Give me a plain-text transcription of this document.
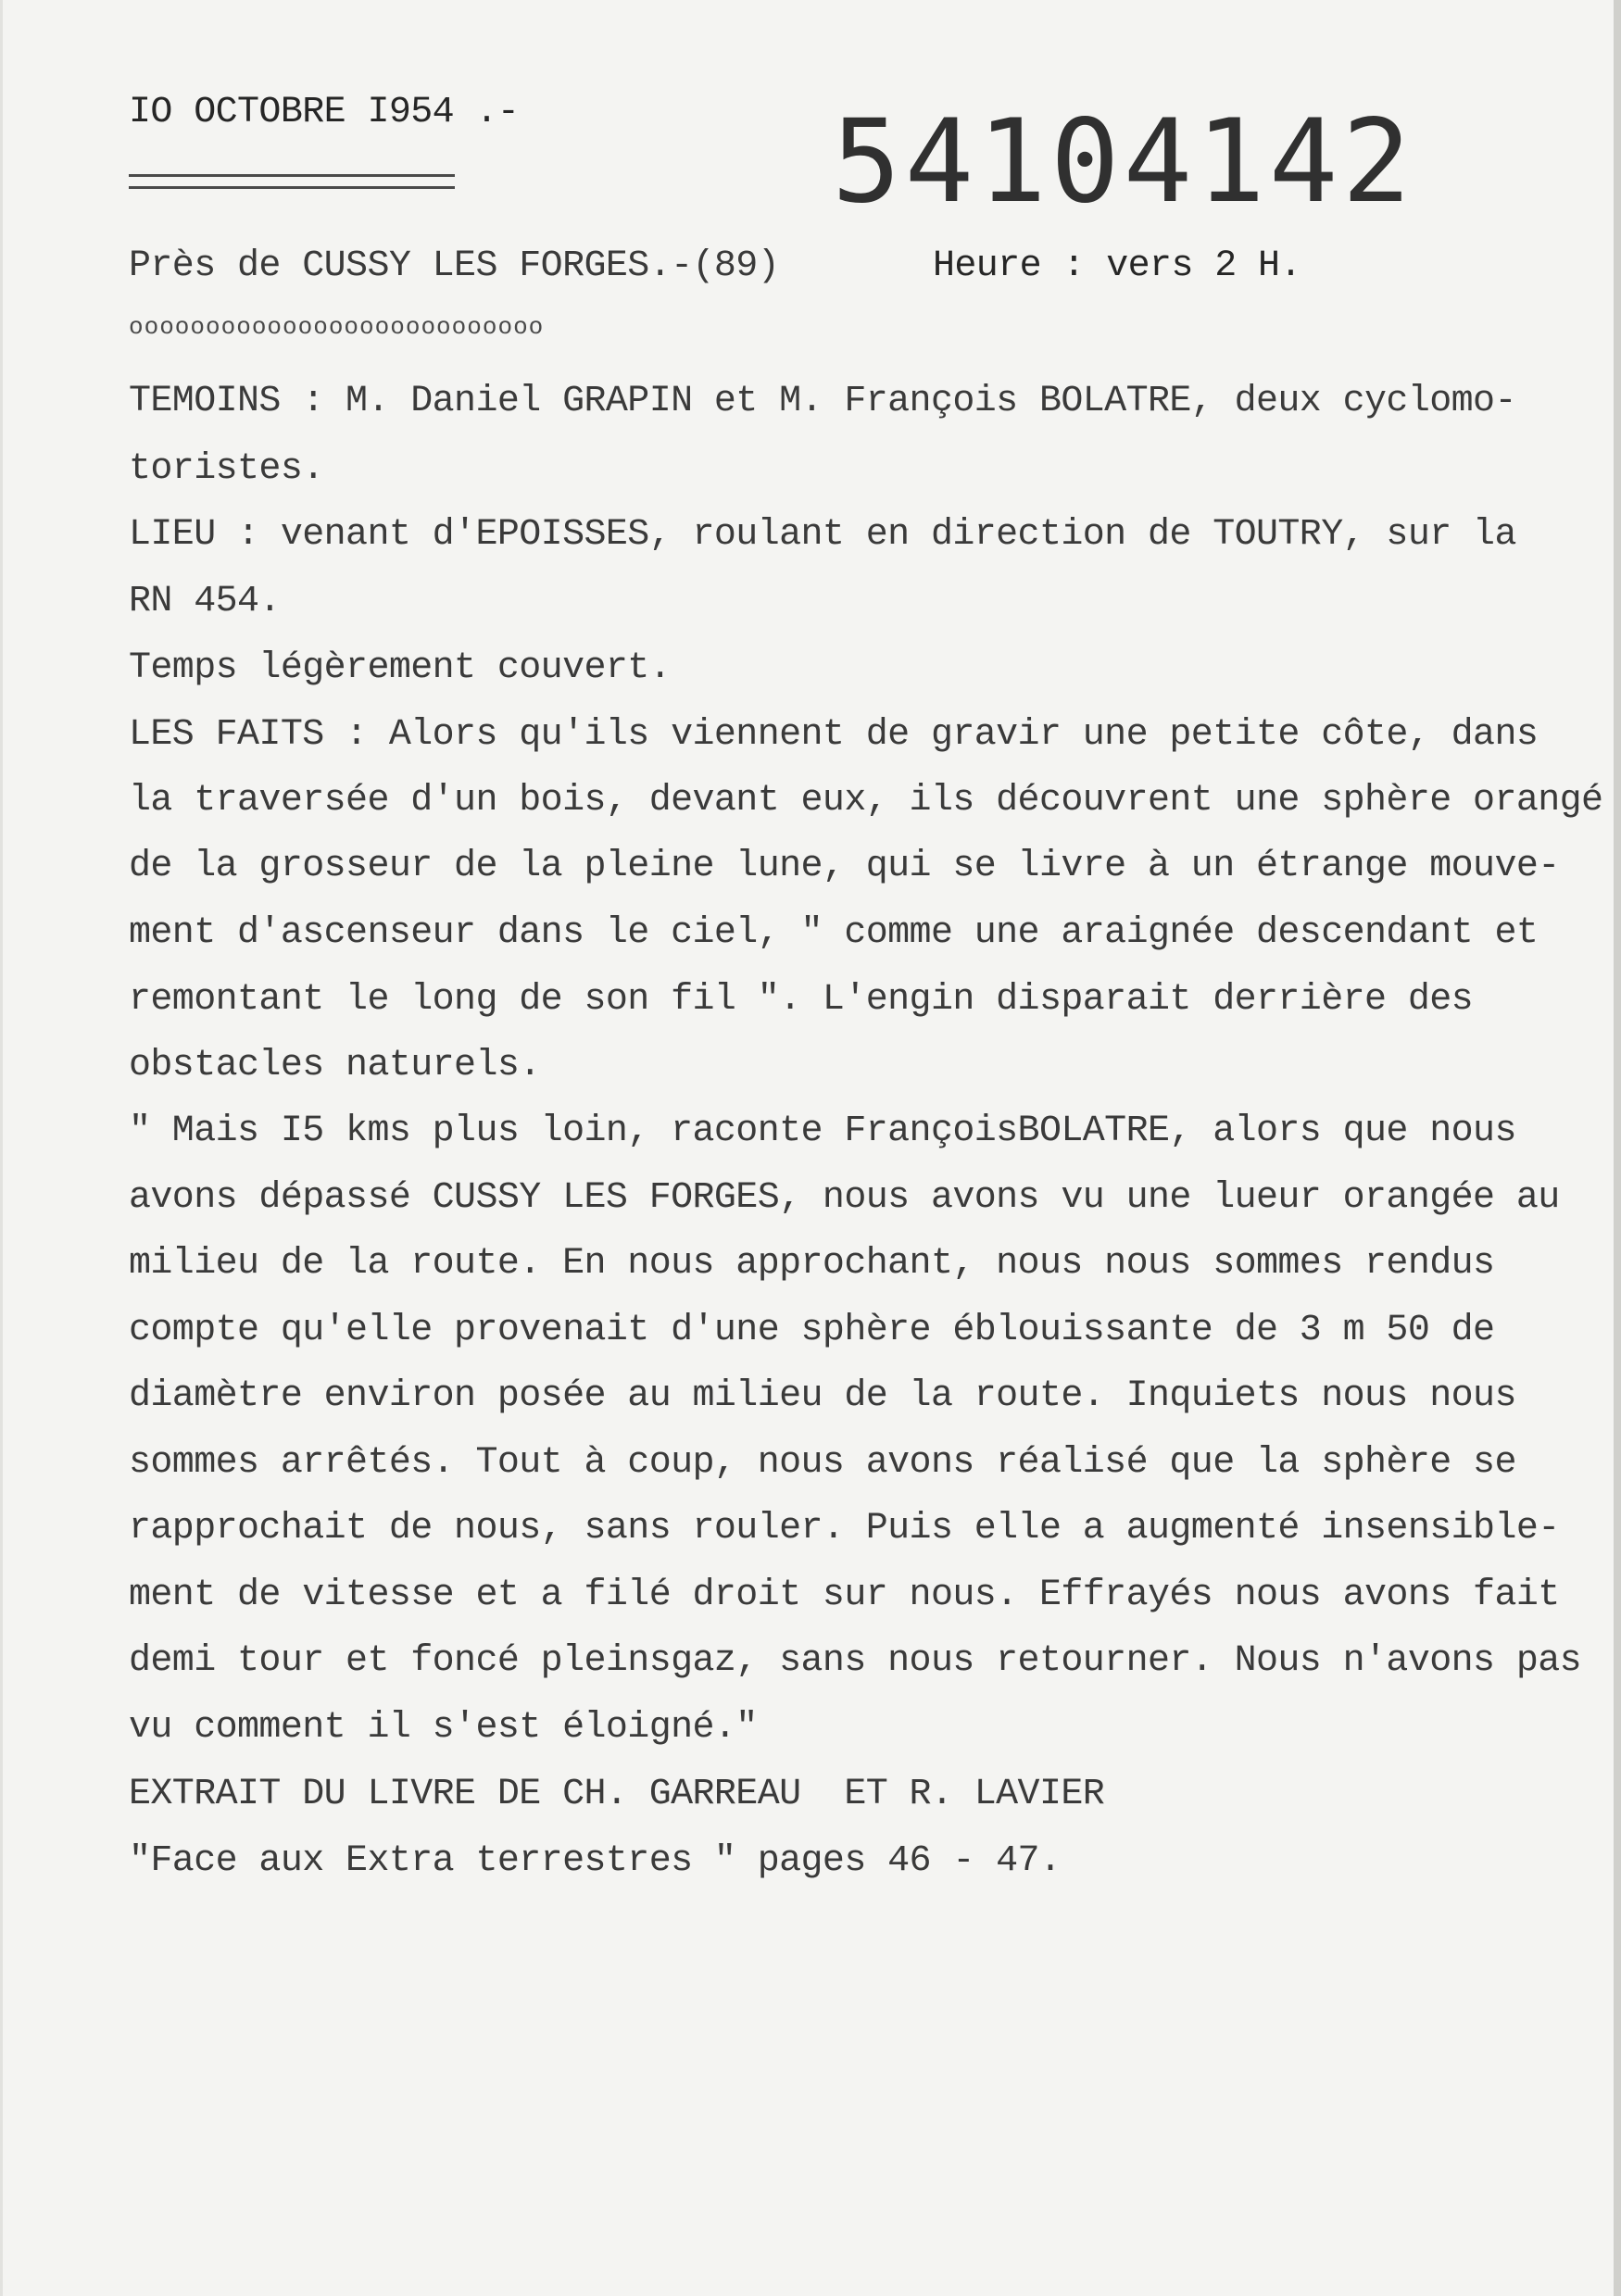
IO OCTOBRE I954 .-	54104142

Près de CUSSY LES FORGES.-(89)	Heure : vers 2 H.

ooooooooooooooooooooooooooo

TEMOINS : M. Daniel GRAPIN et M. François BOLATRE, deux cyclomo-

toristes.

LIEU : venant d'EPOISSES, roulant en direction de TOUTRY, sur la

RN 454.

Temps légèrement couvert.

LES FAITS : Alors qu'ils viennent de gravir une petite côte, dans

la traversée d'un bois, devant eux, ils découvrent une sphère orangé

de la grosseur de la pleine lune, qui se livre à un étrange mouve-

ment d'ascenseur dans le ciel, " comme une araignée descendant et

remontant le long de son fil ". L'engin disparait derrière des

obstacles naturels.

" Mais I5 kms plus loin, raconte FrançoisBOLATRE, alors que nous

avons dépassé CUSSY LES FORGES, nous avons vu une lueur orangée au

milieu de la route. En nous approchant, nous nous sommes rendus

compte qu'elle provenait d'une sphère éblouissante de 3 m 50 de

diamètre environ posée au milieu de la route. Inquiets nous nous

sommes arrêtés. Tout à coup, nous avons réalisé que la sphère se

rapprochait de nous, sans rouler. Puis elle a augmenté insensible-

ment de vitesse et a filé droit sur nous. Effrayés nous avons fait

demi tour et foncé pleinsgaz, sans nous retourner. Nous n'avons pas

vu comment il s'est éloigné."

EXTRAIT DU LIVRE DE CH. GARREAU  ET R. LAVIER

"Face aux Extra terrestres " pages 46 - 47.
